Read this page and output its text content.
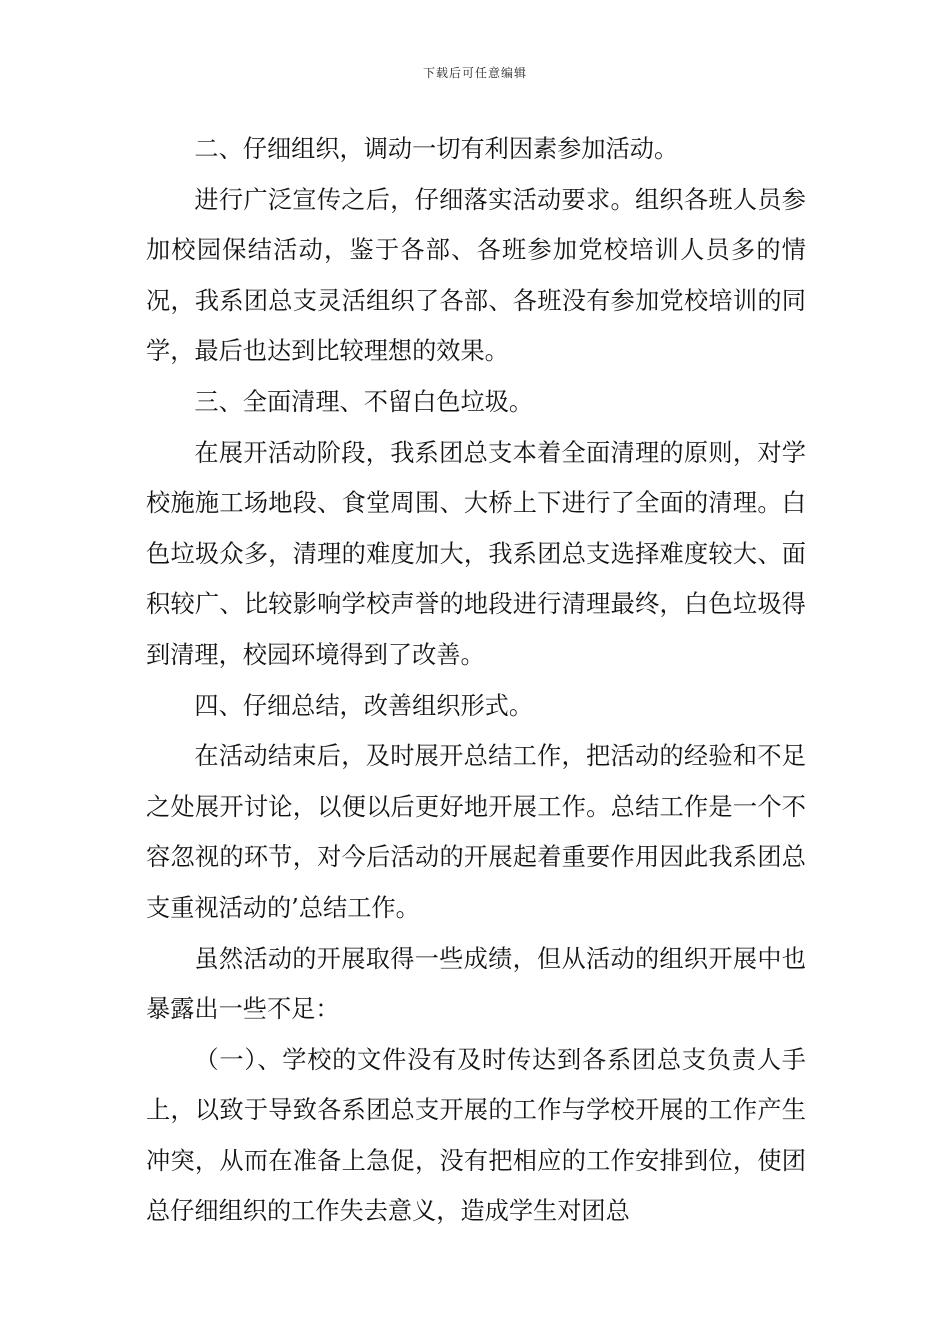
下载后可任意编辑

二、仔细组织，调动一切有利因素参加活动。

进行广泛宣传之后，仔细落实活动要求。组织各班人员参加校园保结活动，鉴于各部、各班参加党校培训人员多的情况，我系团总支灵活组织了各部、各班没有参加党校培训的同学，最后也达到比较理想的效果。

三、全面清理、不留白色垃圾。

在展开活动阶段，我系团总支本着全面清理的原则，对学校施施工场地段、食堂周围、大桥上下进行了全面的清理。白色垃圾众多，清理的难度加大，我系团总支选择难度较大、面积较广、比较影响学校声誉的地段进行清理最终，白色垃圾得到清理，校园环境得到了改善。

四、仔细总结，改善组织形式。

在活动结束后，及时展开总结工作，把活动的经验和不足之处展开讨论，以便以后更好地开展工作。总结工作是一个不容忽视的环节，对今后活动的开展起着重要作用因此我系团总支重视活动的’总结工作。

虽然活动的开展取得一些成绩，但从活动的组织开展中也暴露出一些不足：

（一）、学校的文件没有及时传达到各系团总支负责人手上，以致于导致各系团总支开展的工作与学校开展的工作产生冲突，从而在准备上急促，没有把相应的工作安排到位，使团总仔细组织的工作失去意义，造成学生对团总
